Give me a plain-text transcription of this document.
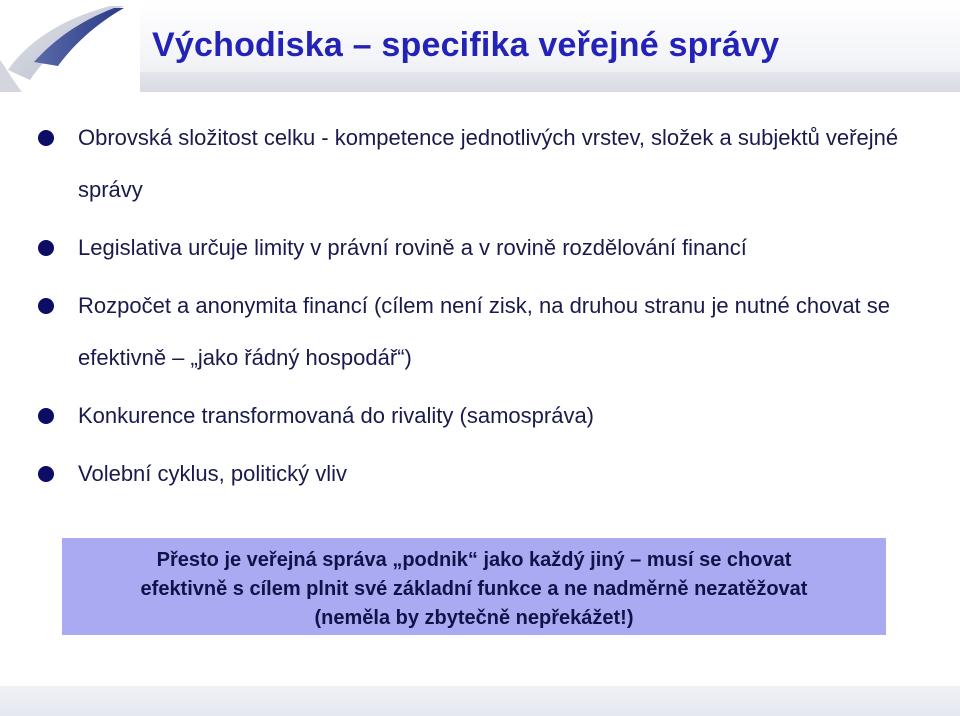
Východiska – specifika veřejné správy
Obrovská složitost celku - kompetence jednotlivých vrstev, složek a subjektů veřejné správy
Legislativa určuje limity v právní rovině a v rovině rozdělování financí
Rozpočet a anonymita financí (cílem není zisk, na druhou stranu je nutné chovat se efektivně – „jako řádný hospodář“)
Konkurence transformovaná do rivality (samospráva)
Volební cyklus, politický vliv
Přesto je veřejná správa „podnik“ jako každý jiný – musí se chovat
efektivně s cílem plnit své základní funkce a ne nadměrně nezatěžovat
(neměla by zbytečně nepřekážet!)
